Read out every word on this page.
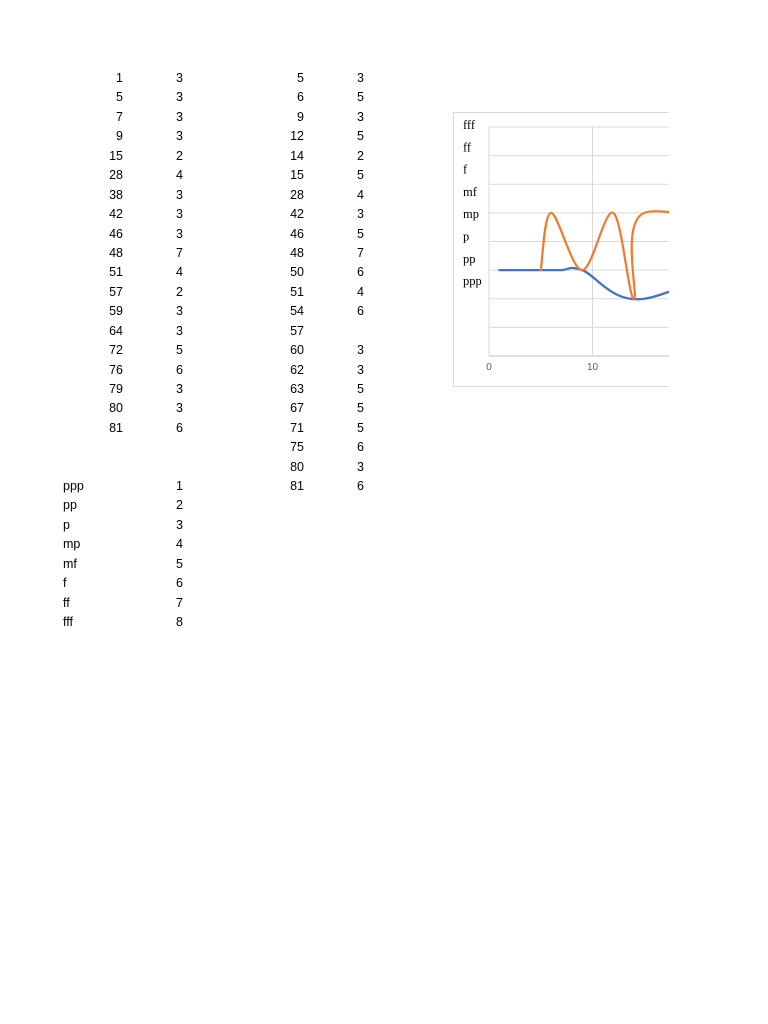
1	3
5	3
7	3
9	3
15	2
28	4
38	3
42	3
46	3
48	7
51	4
57	2
59	3
64	3
72	5
76	6
79	3
80	3
81	6
5	3
6	5
9	3
12	5
14	2
15	5
28	4
42	3
46	5
48	7
50	6
51	4
54	6
57
60	3
62	3
63	5
67	5
71	5
75	6
80	3
81	6
ppp	1
pp	2
p	3
mp	4
mf	5
f	6
ff	7
fff	8
0	10
fff
ff
f
mf
mp
p
pp
ppp
